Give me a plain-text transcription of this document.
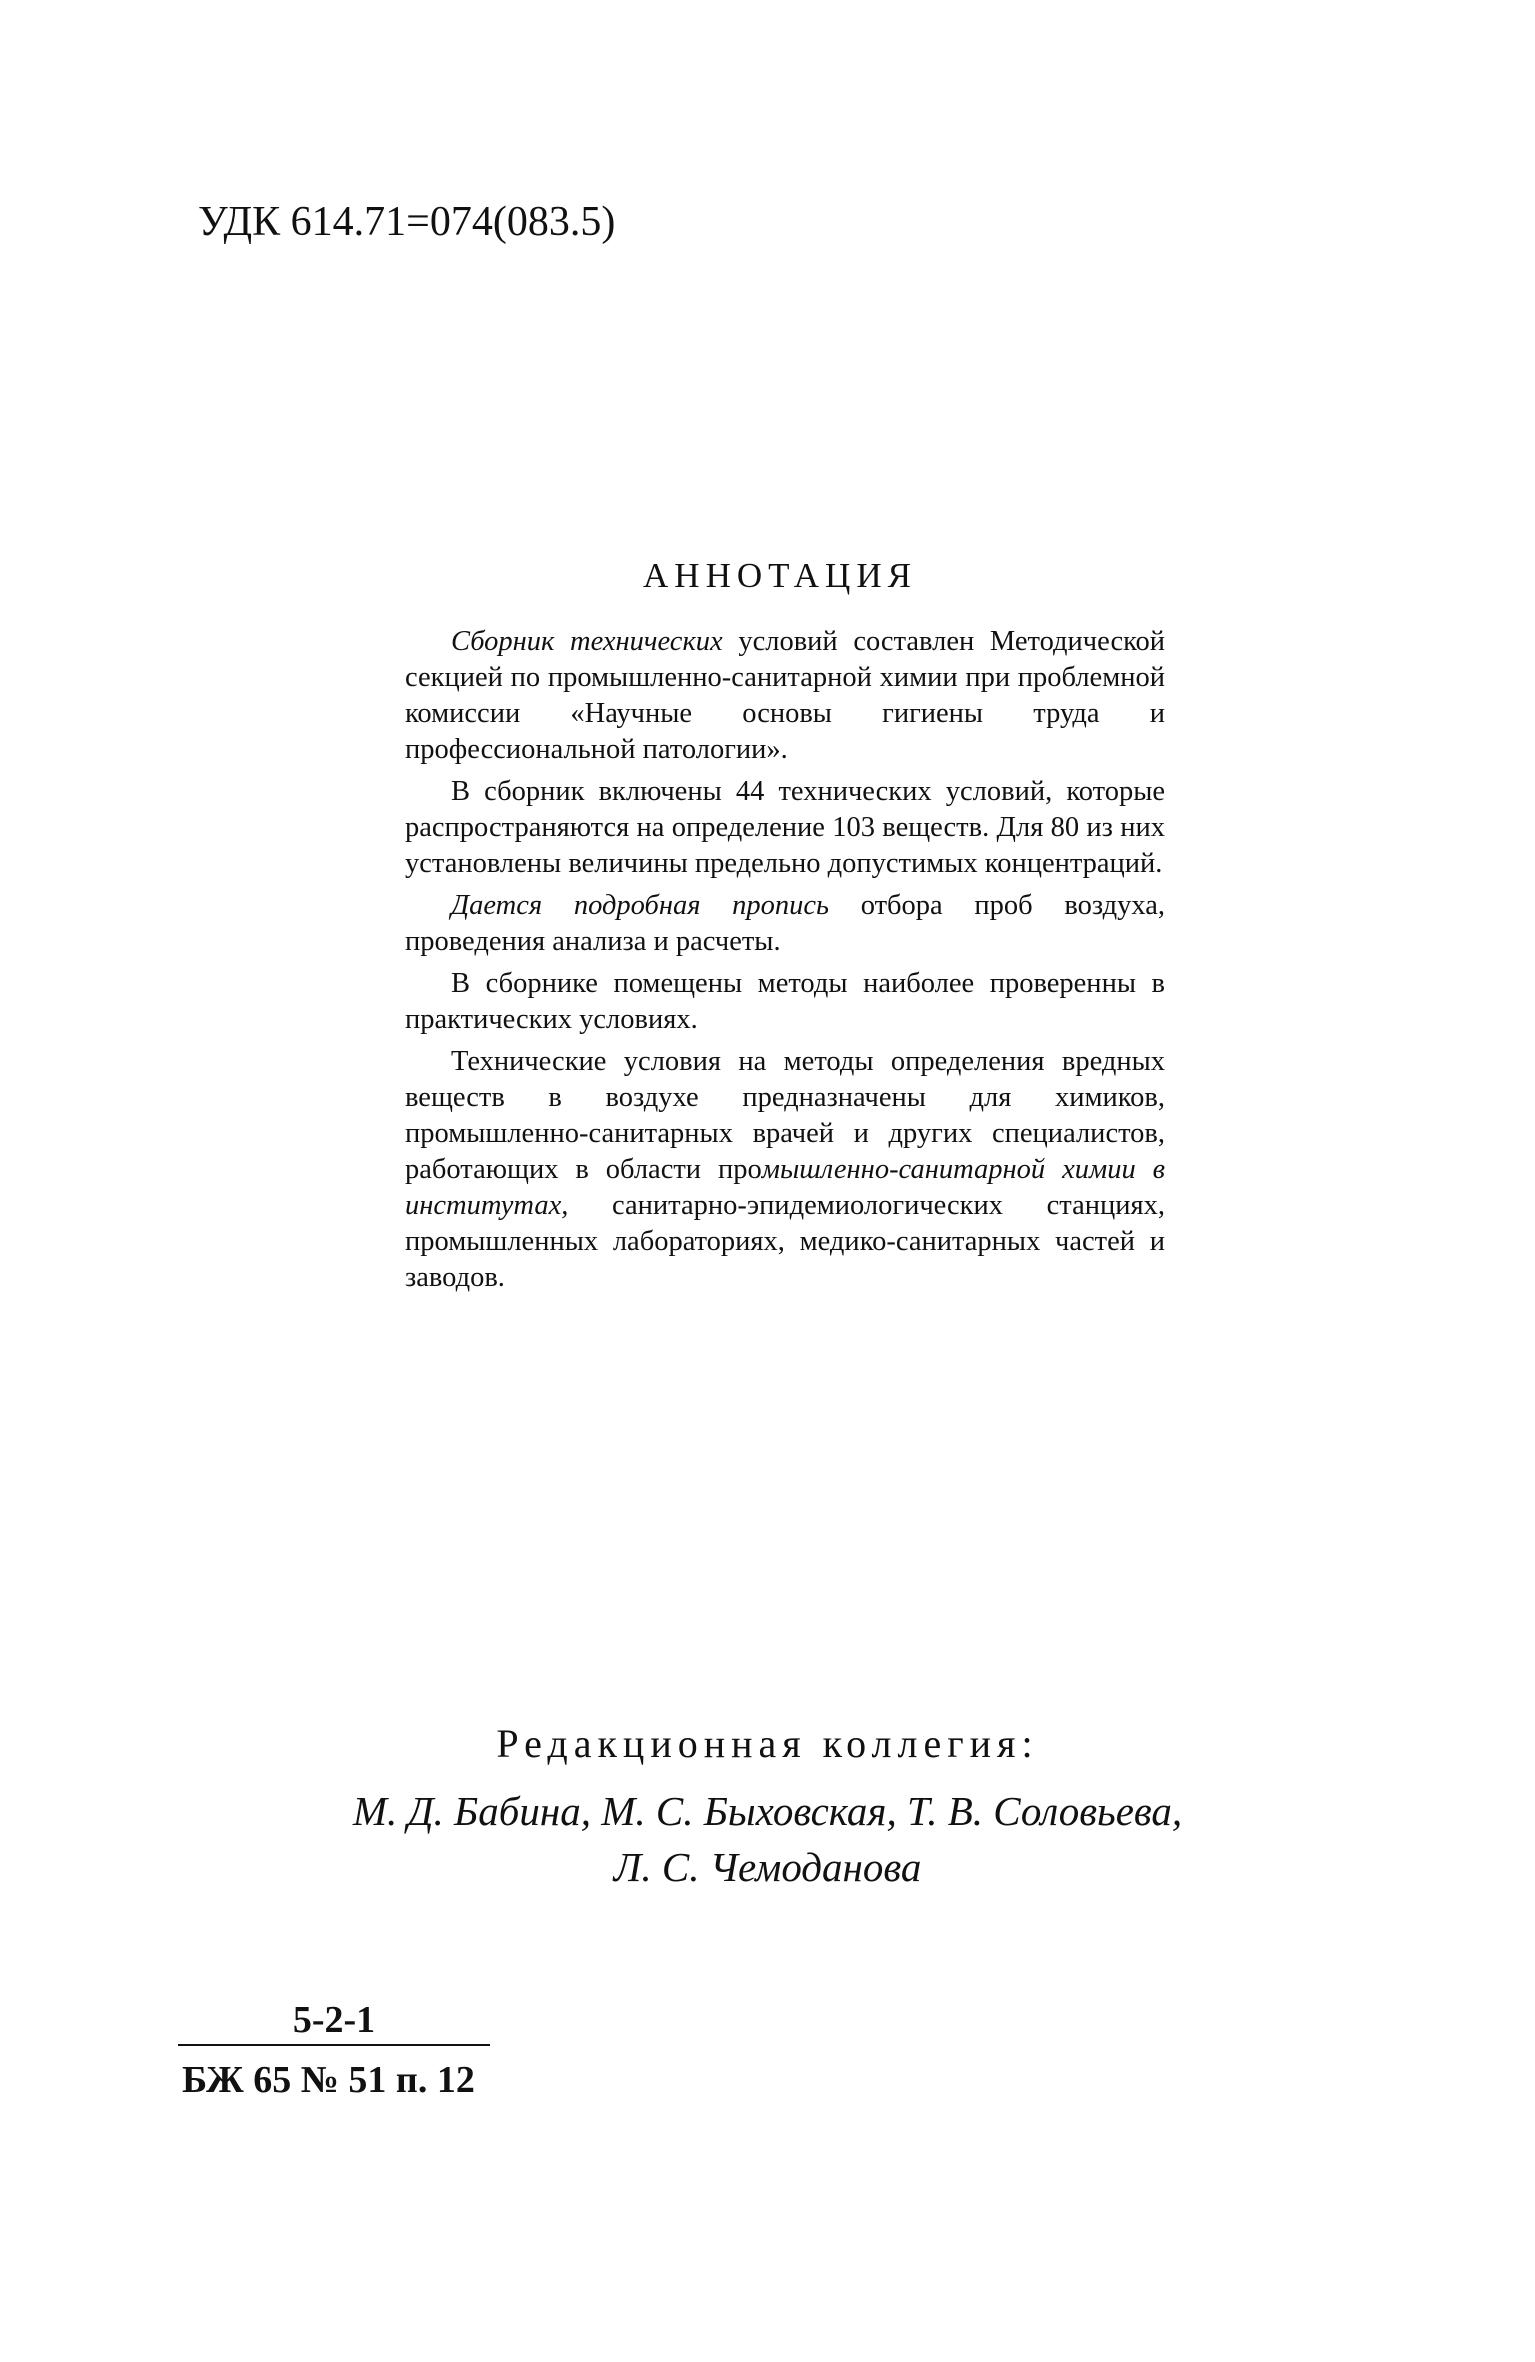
УДК 614.71=074(083.5)
АННОТАЦИЯ

Сборник технических условий составлен Методической секцией по промышленно-санитарной химии при проблемной комиссии «Научные основы гигиены труда и профессиональной патологии».

В сборник включены 44 технических условий, которые распространяются на определение 103 веществ. Для 80 из них установлены величины предельно допустимых концентраций.

Дается подробная пропись отбора проб воздуха, проведения анализа и расчеты.

В сборнике помещены методы наиболее проверенны в практических условиях.

Технические условия на методы определения вредных веществ в воздухе предназначены для химиков, промышленно-санитарных врачей и других специалистов, работающих в области промышленно-санитарной химии в институтах, санитарно-эпидемиологических станциях, промышленных лабораториях, медико-санитарных частей и заводов.

Редакционная коллегия:
М. Д. Бабина, М. С. Быховская, Т. В. Соловьева,
Л. С. Чемоданова
5-2-1
БЖ 65 № 51 п. 12
